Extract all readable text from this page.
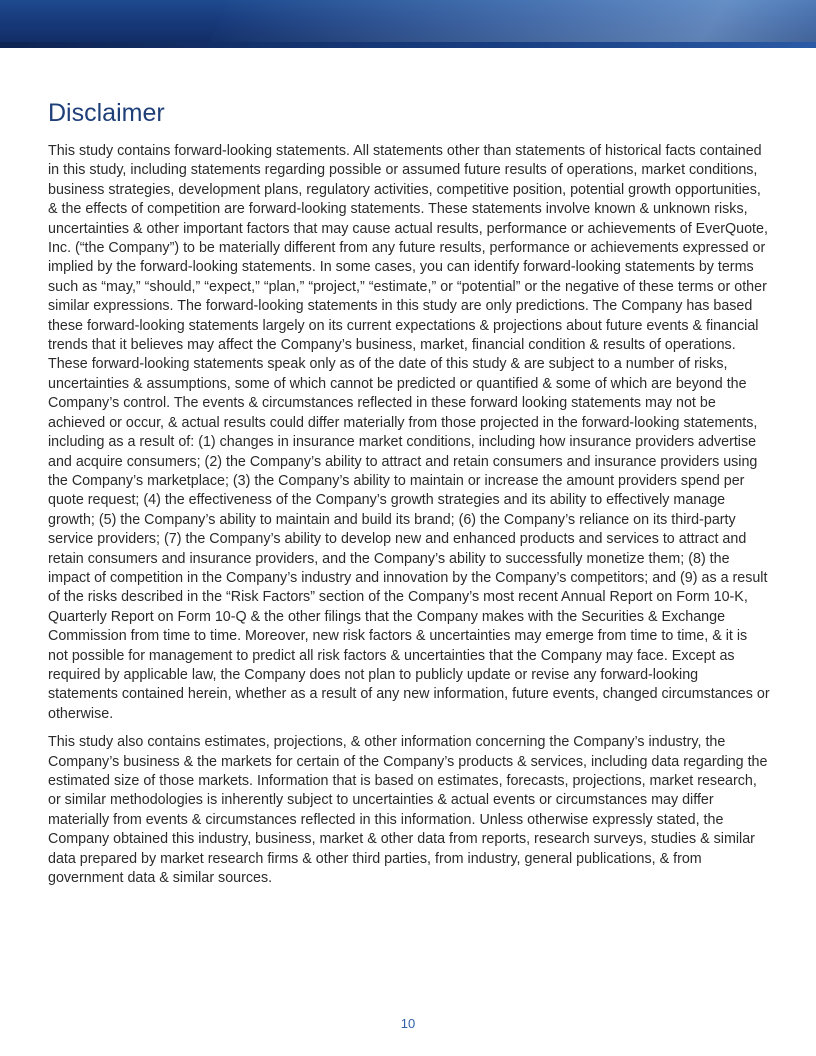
Disclaimer

This study contains forward-looking statements. All statements other than statements of historical facts contained in this study, including statements regarding possible or assumed future results of operations, market conditions, business strategies, development plans, regulatory activities, competitive position, potential growth opportunities, & the effects of competition are forward-looking statements. These statements involve known & unknown risks, uncertainties & other important factors that may cause actual results, performance or achievements of EverQuote, Inc. (“the Company”) to be materially different from any future results, performance or achievements expressed or implied by the forward-looking statements. In some cases, you can identify forward-looking statements by terms such as “may,” “should,” “expect,” “plan,” “project,” “estimate,” or “potential” or the negative of these terms or other similar expressions. The forward-looking statements in this study are only predictions. The Company has based these forward-looking statements largely on its current expectations & projections about future events & financial trends that it believes may affect the Company’s business, market, financial condition & results of operations. These forward-looking statements speak only as of the date of this study & are subject to a number of risks, uncertainties & assumptions, some of which cannot be predicted or quantified & some of which are beyond the Company’s control. The events & circumstances reflected in these forward looking statements may not be achieved or occur, & actual results could differ materially from those projected in the forward-looking statements, including as a result of: (1) changes in insurance market conditions, including how insurance providers advertise and acquire consumers; (2) the Company’s ability to attract and retain consumers and insurance providers using the Company’s marketplace; (3) the Company’s ability to maintain or increase the amount providers spend per quote request; (4) the effectiveness of the Company’s growth strategies and its ability to effectively manage growth; (5) the Company’s ability to maintain and build its brand; (6) the Company’s reliance on its third-party service providers; (7) the Company’s ability to develop new and enhanced products and services to attract and retain consumers and insurance providers, and the Company’s ability to successfully monetize them; (8) the impact of competition in the Company’s industry and innovation by the Company’s competitors; and (9) as a result of the risks described in the “Risk Factors” section of the Company’s most recent Annual Report on Form 10-K, Quarterly Report on Form 10-Q & the other filings that the Company makes with the Securities & Exchange Commission from time to time. Moreover, new risk factors & uncertainties may emerge from time to time, & it is not possible for management to predict all risk factors & uncertainties that the Company may face. Except as required by applicable law, the Company does not plan to publicly update or revise any forward-looking statements contained herein, whether as a result of any new information, future events, changed circumstances or otherwise.

This study also contains estimates, projections, & other information concerning the Company’s industry, the Company’s business & the markets for certain of the Company’s products & services, including data regarding the estimated size of those markets. Information that is based on estimates, forecasts, projections, market research, or similar methodologies is inherently subject to uncertainties & actual events or circumstances may differ materially from events & circumstances reflected in this information. Unless otherwise expressly stated, the Company obtained this industry, business, market & other data from reports, research surveys, studies & similar data prepared by market research firms & other third parties, from industry, general publications, & from government data & similar sources.

10
